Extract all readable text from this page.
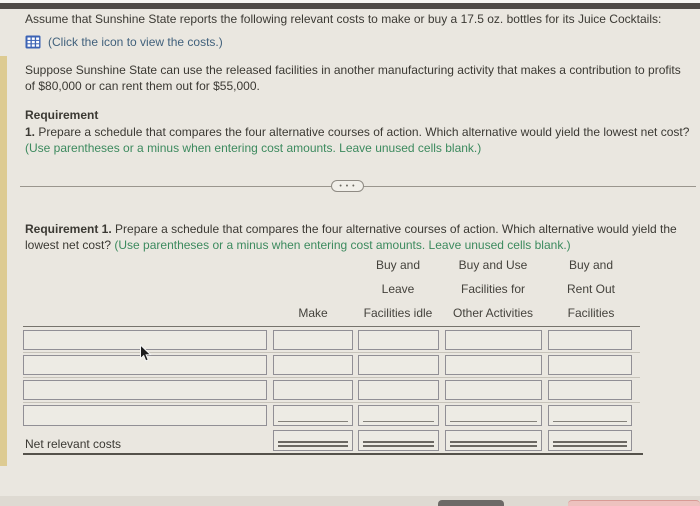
Assume that Sunshine State reports the following relevant costs to make or buy a 17.5 oz. bottles for its Juice Cocktails:
(Click the icon to view the costs.)
Suppose Sunshine State can use the released facilities in another manufacturing activity that makes a contribution to profits of $80,000 or can rent them out for $55,000.
Requirement
1. Prepare a schedule that compares the four alternative courses of action. Which alternative would yield the lowest net cost? (Use parentheses or a minus when entering cost amounts. Leave unused cells blank.)
• • •
Requirement 1. Prepare a schedule that compares the four alternative courses of action. Which alternative would yield the lowest net cost? (Use parentheses or a minus when entering cost amounts. Leave unused cells blank.)
Make
Buy and
Leave
Facilities idle
Buy and Use
Facilities for
Other Activities
Buy and
Rent Out
Facilities
Net relevant costs
